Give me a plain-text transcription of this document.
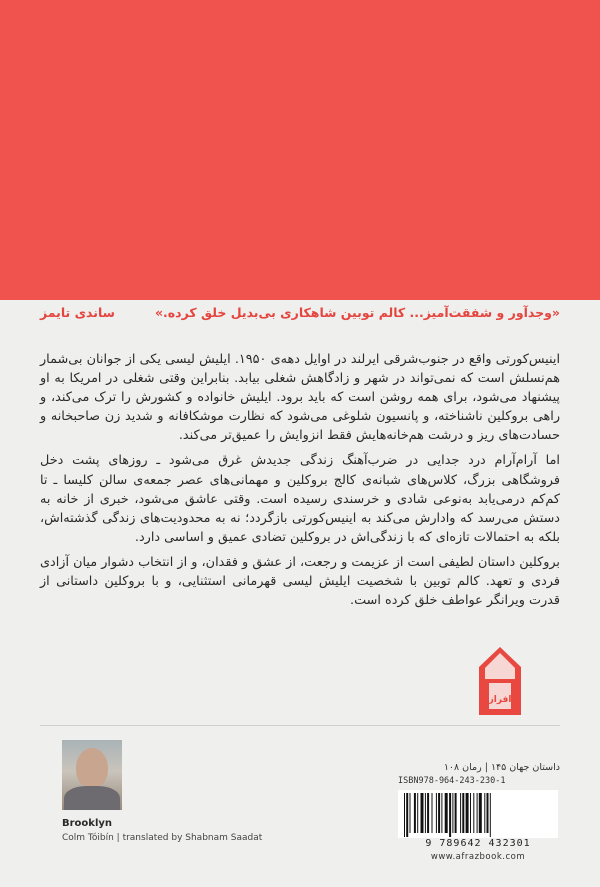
«وجدآور و شفقت‌آمیز... کالم توبین شاهکاری بی‌بدیل خلق کرده.»
ساندی تایمز

اینیس‌کورتی واقع در جنوب‌شرقی ایرلند در اوایل دهه‌ی ۱۹۵۰. ایلیش لیسی یکی از جوانان بی‌شمار هم‌نسلش است که نمی‌تواند در شهر و زادگاهش شغلی بیابد. بنابراین وقتی شغلی در امریکا به او پیشنهاد می‌شود، برای همه روشن است که باید برود. ایلیش خانواده و کشورش را ترک می‌کند، و راهی بروکلین ناشناخته، و پانسیون شلوغی می‌شود که نظارت موشکافانه و شدید زن صاحبخانه و حسادت‌های ریز و درشت هم‌خانه‌هایش فقط انزوایش را عمیق‌تر می‌کند.

اما آرام‌آرام درد جدایی در ضرب‌آهنگ زندگی جدیدش غرق می‌شود ـ روزهای پشت دخل فروشگاهی بزرگ، کلاس‌های شبانه‌ی کالج بروکلین و مهمانی‌های عصر جمعه‌ی سالن کلیسا ـ تا کم‌کم درمی‌یابد به‌نوعی شادی و خرسندی رسیده است. وقتی عاشق می‌شود، خبری از خانه به دستش می‌رسد که وادارش می‌کند به اینیس‌کورتی بازگردد؛ نه به محدودیت‌های زندگی گذشته‌اش، بلکه به احتمالات تازه‌ای که با زندگی‌اش در بروکلین تضادی عمیق و اساسی دارد.

بروکلین داستان لطیفی است از عزیمت و رجعت، از عشق و فقدان، و از انتخاب دشوار میان آزادی فردی و تعهد. کالم توبین با شخصیت ایلیش لیسی قهرمانی استثنایی، و با بروکلین داستانی از قدرت ویرانگر عواطف خلق کرده است.

افراز
Brooklyn
Colm Tóibín | translated by Shabnam Saadat
داستان جهان ۱۴۵ | رمان ۱۰۸
ISBN978-964-243-230-1
9 789642 432301
www.afrazbook.com
